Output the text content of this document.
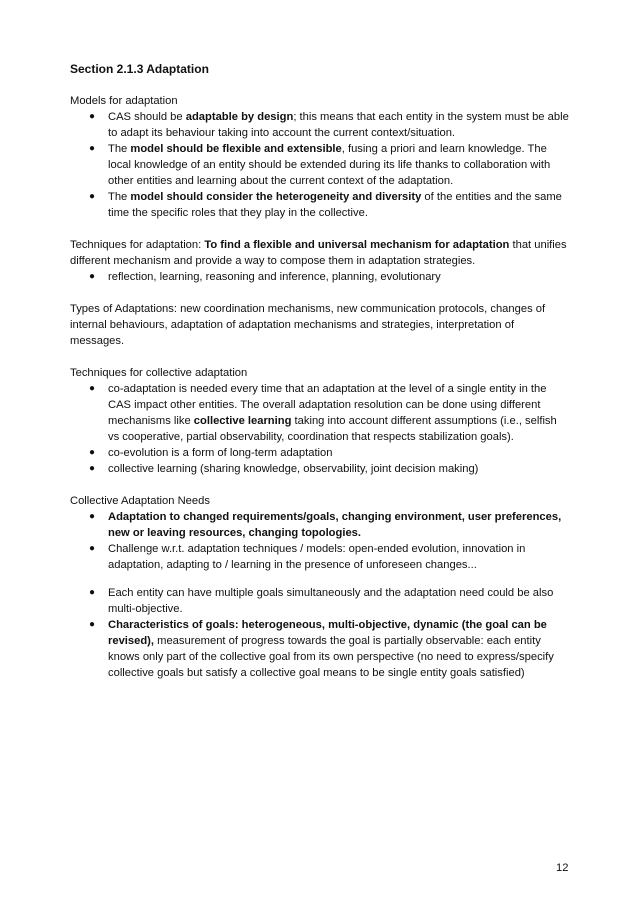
Section 2.1.3 Adaptation

Models for adaptation

● CAS should be adaptable by design; this means that each entity in the system must be able to adapt its behaviour taking into account the current context/situation.
● The model should be flexible and extensible, fusing a priori and learn knowledge. The local knowledge of an entity should be extended during its life thanks to collaboration with other entities and learning about the current context of the adaptation.
● The model should consider the heterogeneity and diversity of the entities and the same time the specific roles that they play in the collective.

Techniques for adaptation: To find a flexible and universal mechanism for adaptation that unifies different mechanism and provide a way to compose them in adaptation strategies.

● reflection, learning, reasoning and inference, planning, evolutionary

Types of Adaptations: new coordination mechanisms, new communication protocols, changes of internal behaviours, adaptation of adaptation mechanisms and strategies, interpretation of messages.

Techniques for collective adaptation

● co-adaptation is needed every time that an adaptation at the level of a single entity in the CAS impact other entities. The overall adaptation resolution can be done using different mechanisms like collective learning taking into account different assumptions (i.e., selfish vs cooperative, partial observability, coordination that respects stabilization goals).
● co-evolution is a form of long-term adaptation
● collective learning (sharing knowledge, observability, joint decision making)

Collective Adaptation Needs

● Adaptation to changed requirements/goals, changing environment, user preferences, new or leaving resources, changing topologies.
● Challenge w.r.t. adaptation techniques / models: open-ended evolution, innovation in adaptation, adapting to / learning in the presence of unforeseen changes...
● Each entity can have multiple goals simultaneously and the adaptation need could be also multi-objective.
● Characteristics of goals: heterogeneous, multi-objective, dynamic (the goal can be revised), measurement of progress towards the goal is partially observable: each entity knows only part of the collective goal from its own perspective (no need to express/specify collective goals but satisfy a collective goal means to be single entity goals satisfied)
12
